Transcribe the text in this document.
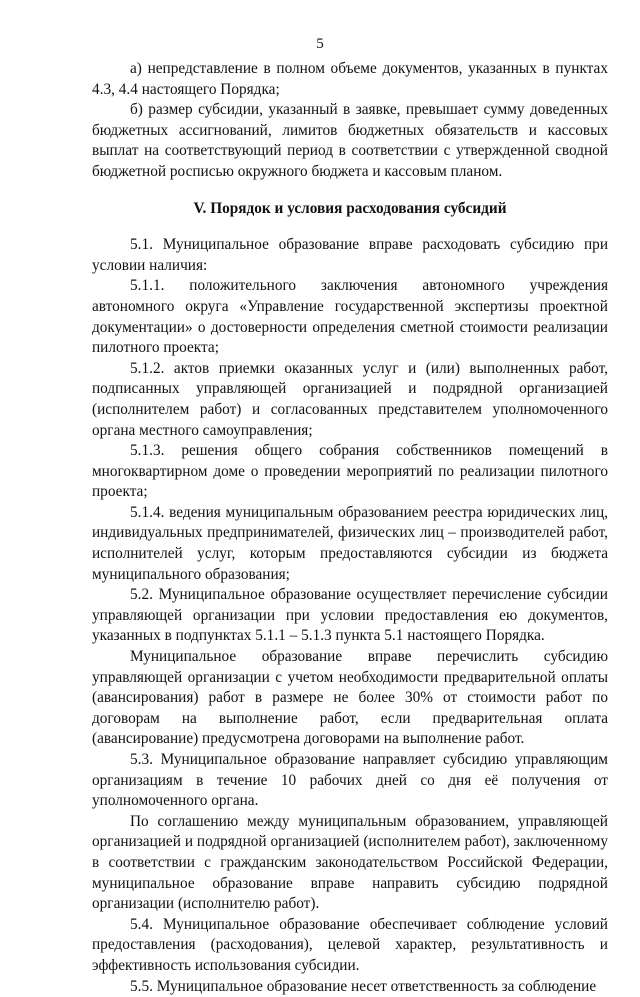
5

а) непредставление в полном объеме документов, указанных в пунктах 4.3, 4.4 настоящего Порядка;

б) размер субсидии, указанный в заявке, превышает сумму доведенных бюджетных ассигнований, лимитов бюджетных обязательств и кассовых выплат на соответствующий период в соответствии с утвержденной сводной бюджетной росписью окружного бюджета и кассовым планом.

V. Порядок и условия расходования субсидий

5.1. Муниципальное образование вправе расходовать субсидию при условии наличия:

5.1.1. положительного заключения автономного учреждения автономного округа «Управление государственной экспертизы проектной документации» о достоверности определения сметной стоимости реализации пилотного проекта;

5.1.2. актов приемки оказанных услуг и (или) выполненных работ, подписанных управляющей организацией и подрядной организацией (исполнителем работ) и согласованных представителем уполномоченного органа местного самоуправления;

5.1.3. решения общего собрания собственников помещений в многоквартирном доме о проведении мероприятий по реализации пилотного проекта;

5.1.4. ведения муниципальным образованием реестра юридических лиц, индивидуальных предпринимателей, физических лиц – производителей работ, исполнителей услуг, которым предоставляются субсидии из бюджета муниципального образования;

5.2. Муниципальное образование осуществляет перечисление субсидии управляющей организации при условии предоставления ею документов, указанных в подпунктах 5.1.1 – 5.1.3 пункта 5.1 настоящего Порядка.

Муниципальное образование вправе перечислить субсидию управляющей организации с учетом необходимости предварительной оплаты (авансирования) работ в размере не более 30% от стоимости работ по договорам на выполнение работ, если предварительная оплата (авансирование) предусмотрена договорами на выполнение работ.

5.3. Муниципальное образование направляет субсидию управляющим организациям в течение 10 рабочих дней со дня её получения от уполномоченного органа.

По соглашению между муниципальным образованием, управляющей организацией и подрядной организацией (исполнителем работ), заключенному в соответствии с гражданским законодательством Российской Федерации, муниципальное образование вправе направить субсидию подрядной организации (исполнителю работ).

5.4. Муниципальное образование обеспечивает соблюдение условий предоставления (расходования), целевой характер, результативность и эффективность использования субсидии.

5.5. Муниципальное образование несет ответственность за соблюдение
